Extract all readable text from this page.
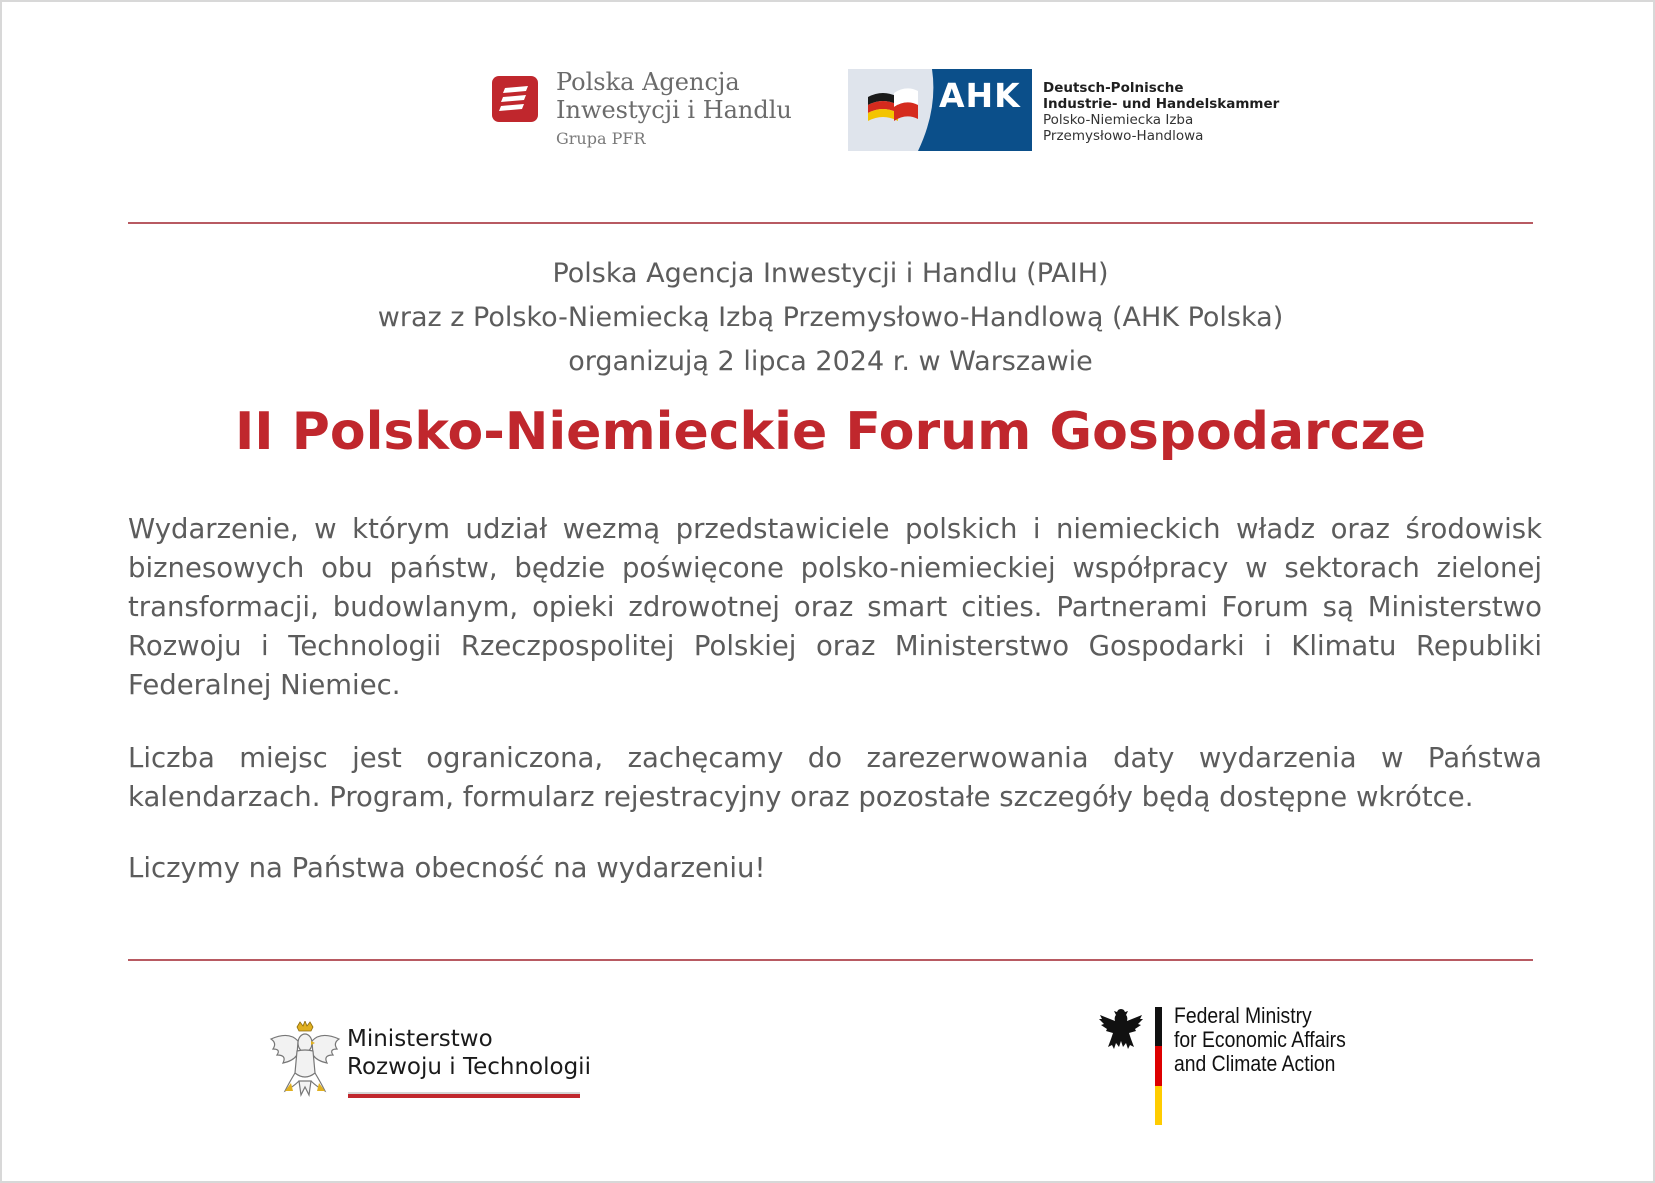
Polska Agencja
Inwestycji i Handlu
Grupa PFR
AHK Deutsch-Polnische
Industrie- und Handelskammer
Polsko-Niemiecka Izba
Przemysłowo-Handlowa
Polska Agencja Inwestycji i Handlu (PAIH)
wraz z Polsko-Niemiecką Izbą Przemysłowo-Handlową (AHK Polska)
organizują 2 lipca 2024 r. w Warszawie
II Polsko-Niemieckie Forum Gospodarcze
Wydarzenie, w którym udział wezmą przedstawiciele polskich i niemieckich władz oraz środowisk biznesowych obu państw, będzie poświęcone polsko-niemieckiej współpracy w sektorach zielonej transformacji, budowlanym, opieki zdrowotnej oraz smart cities. Partnerami Forum są Ministerstwo Rozwoju i Technologii Rzeczpospolitej Polskiej oraz Ministerstwo Gospodarki i Klimatu Republiki Federalnej Niemiec.
Liczba miejsc jest ograniczona, zachęcamy do zarezerwowania daty wydarzenia w Państwa kalendarzach. Program, formularz rejestracyjny oraz pozostałe szczegóły będą dostępne wkrótce.
Liczymy na Państwa obecność na wydarzeniu!
Ministerstwo
Rozwoju i Technologii
Federal Ministry
for Economic Affairs
and Climate Action
